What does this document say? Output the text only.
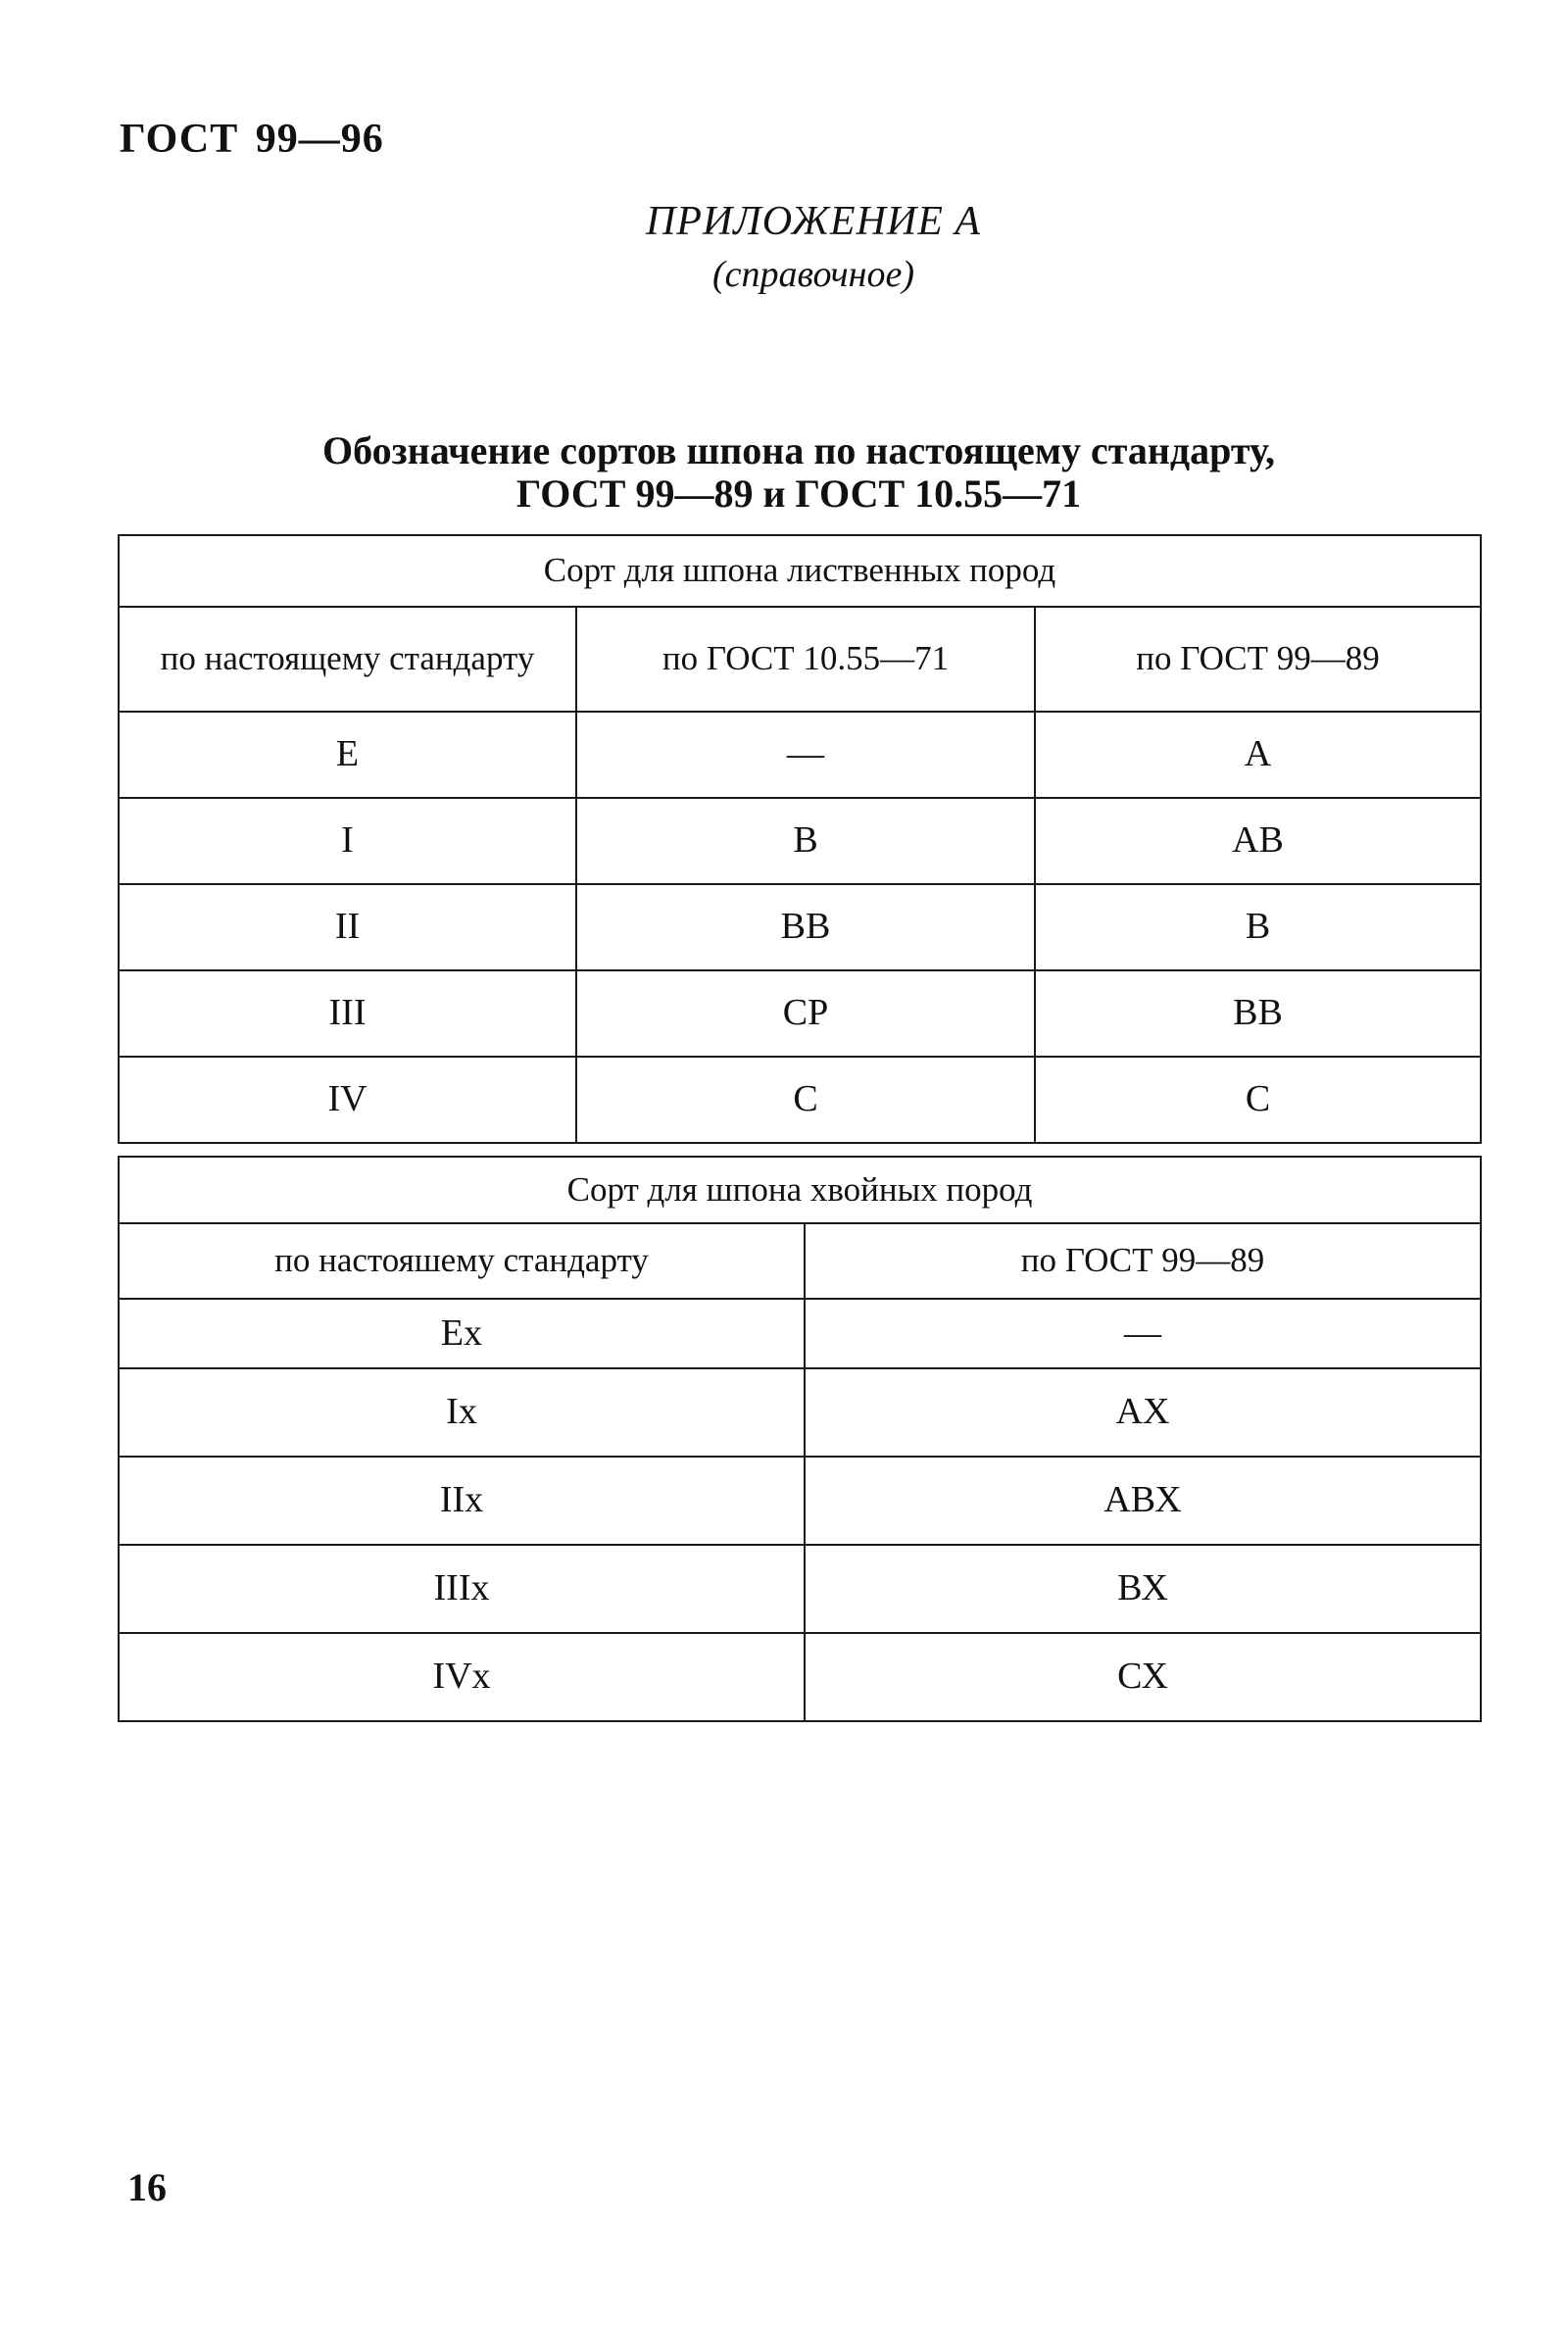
ГОСТ 99—96
ПРИЛОЖЕНИЕ А
(справочное)
Обозначение сортов шпона по настоящему стандарту,
ГОСТ 99—89 и ГОСТ 10.55—71
Сорт для шпона лиственных пород		
по настоящему стандарту	по ГОСТ 10.55—71	по ГОСТ 99—89
Е	—	А
I	В	АВ
II	ВВ	В
III	СР	ВВ
IV	С	С
Сорт для шпона хвойных пород	
по настояшему стандарту	по ГОСТ 99—89
Ex	—
Ix	АХ
IIx	АВХ
IIIx	ВХ
IVx	СХ
16
